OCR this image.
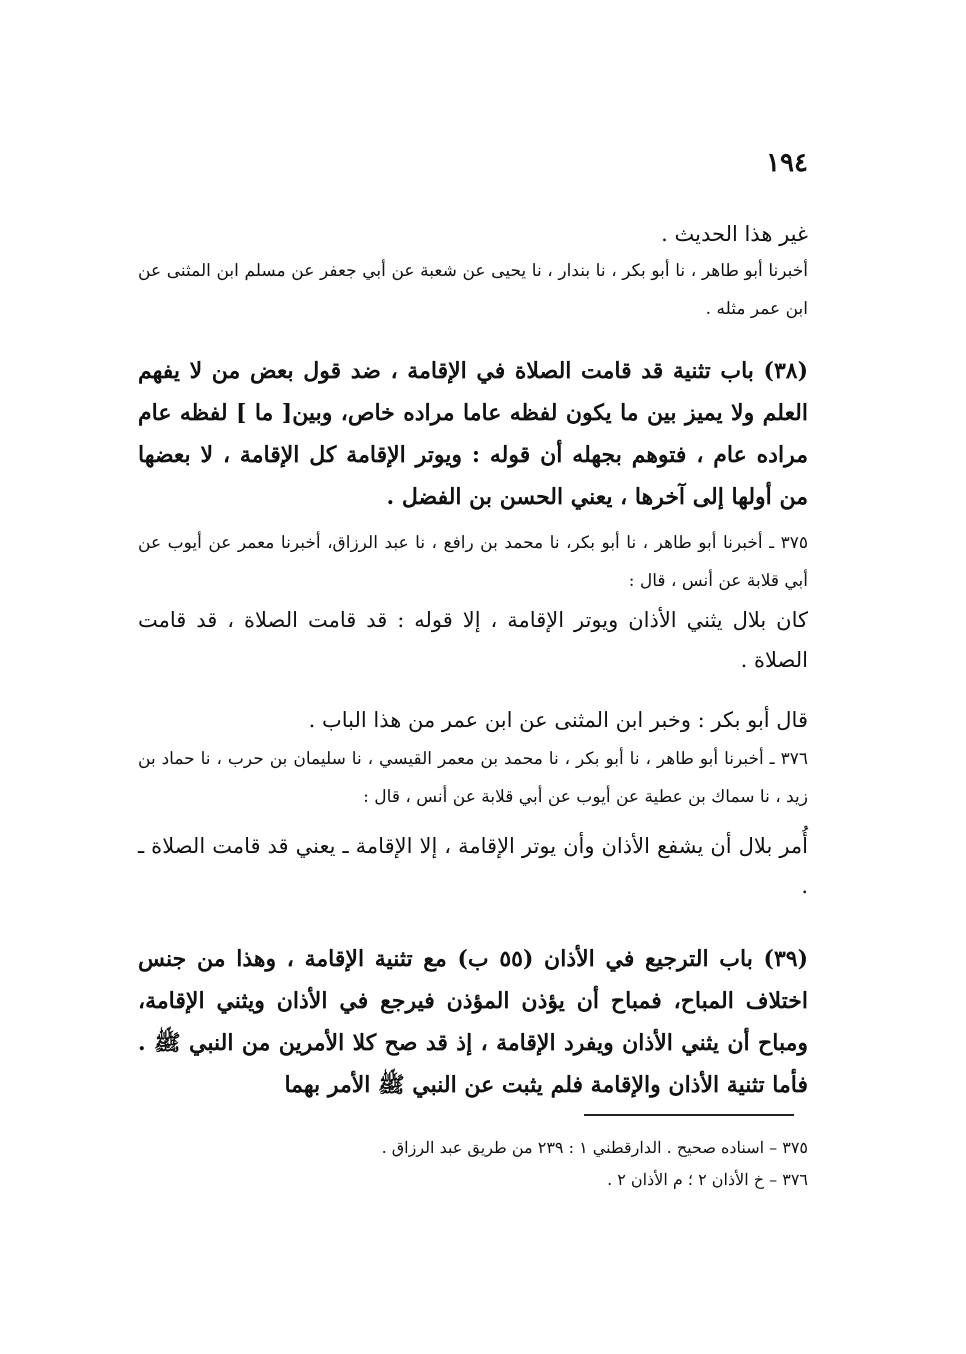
١٩٤

غير هذا الحديث .

أخبرنا أبو طاهر ، نا أبو بكر ، نا بندار ، نا يحيى عن شعبة عن أبي جعفر عن مسلم ابن المثنى عن ابن عمر مثله .

(٣٨) باب تثنية قد قامت الصلاة في الإقامة ، ضد قول بعض من لا يفهم العلم ولا يميز بين ما يكون لفظه عاما مراده خاص، وبين[ ما ] لفظه عام مراده عام ، فتوهم بجهله أن قوله : ويوتر الإقامة كل الإقامة ، لا بعضها من أولها إلى آخرها ، يعني الحسن بن الفضل .

٣٧٥ ـ أخبرنا أبو طاهر ، نا أبو بكر، نا محمد بن رافع ، نا عبد الرزاق، أخبرنا معمر عن أيوب عن أبي قلابة عن أنس ، قال :

كان بلال يثني الأذان ويوتر الإقامة ، إلا قوله : قد قامت الصلاة ، قد قامت الصلاة .

قال أبو بكر : وخبر ابن المثنى عن ابن عمر من هذا الباب .

٣٧٦ ـ أخبرنا أبو طاهر ، نا أبو بكر ، نا محمد بن معمر القيسي ، نا سليمان بن حرب ، نا حماد بن زيد ، نا سماك بن عطية عن أيوب عن أبي قلابة عن أنس ، قال :

أُمر بلال أن يشفع الأذان وأن يوتر الإقامة ، إلا الإقامة ـ يعني قد قامت الصلاة ـ .

(٣٩) باب الترجيع في الأذان (٥٥ ب) مع تثنية الإقامة ، وهذا من جنس اختلاف المباح، فمباح أن يؤذن المؤذن فيرجع في الأذان ويثني الإقامة، ومباح أن يثني الأذان ويفرد الإقامة ، إذ قد صح كلا الأمرين من النبي ﷺ . فأما تثنية الأذان والإقامة فلم يثبت عن النبي ﷺ الأمر بهما

٣٧٥ – اسناده صحيح . الدارقطني ١ : ٢٣٩ من طريق عبد الرزاق .
٣٧٦ – خ الأذان ٢ ؛ م الأذان ٢ .
